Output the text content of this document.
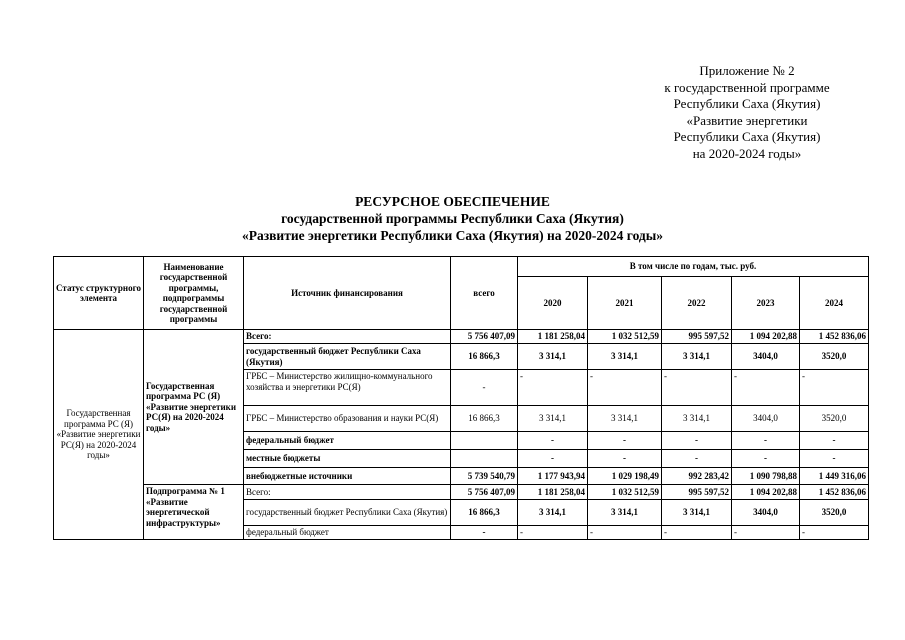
Приложение № 2
к государственной программе
Республики Саха (Якутия)
«Развитие энергетики
Республики Саха (Якутия)
на 2020-2024 годы»
РЕСУРСНОЕ ОБЕСПЕЧЕНИЕ
государственной программы Республики Саха (Якутия)
«Развитие энергетики Республики Саха (Якутия) на 2020-2024 годы»
Статус структурного элемента	Наименование государственной программы, подпрограммы государственной программы	Источник финансирования	всего	В том числе по годам, тыс. руб.				
				2020	2021	2022	2023	2024
Государственная программа РС (Я) «Развитие энергетики РС(Я) на 2020-2024 годы»	Государственная программа РС (Я) «Развитие энергетики РС(Я) на 2020-2024 годы»	Всего:	5 756 407,09	1 181 258,04	1 032 512,59	995 597,52	1 094 202,88	1 452 836,06
		государственный бюджет Республики Саха (Якутия)	16 866,3	3 314,1	3 314,1	3 314,1	3404,0	3520,0
		ГРБС – Министерство жилищно-коммунального хозяйства и энергетики РС(Я)	-	-	-	-	-	-
		ГРБС – Министерство образования и науки РС(Я)	16 866,3	3 314,1	3 314,1	3 314,1	3404,0	3520,0
		федеральный бюджет		-	-	-	-	-
		местные бюджеты		-	-	-	-	-
		внебюджетные источники	5 739 540,79	1 177 943,94	1 029 198,49	992 283,42	1 090 798,88	1 449 316,06
	Подпрограмма № 1 «Развитие энергетической инфраструктуры»	Всего:	5 756 407,09	1 181 258,04	1 032 512,59	995 597,52	1 094 202,88	1 452 836,06
		государственный бюджет Республики Саха (Якутия)	16 866,3	3 314,1	3 314,1	3 314,1	3404,0	3520,0
		федеральный бюджет	-	-	-	-	-	-
